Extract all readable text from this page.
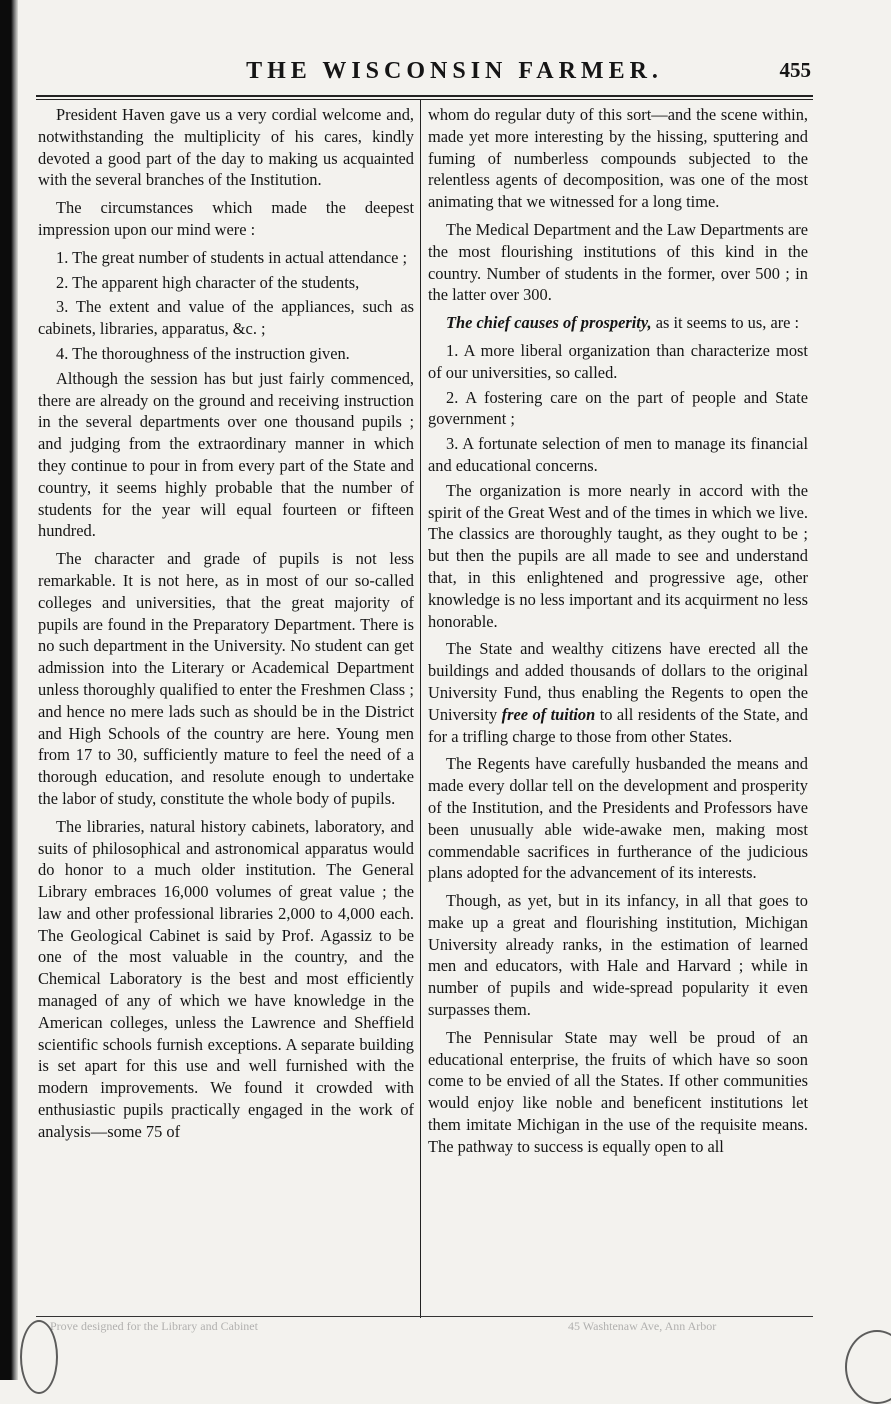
THE WISCONSIN FARMER.	455

President Haven gave us a very cordial welcome and, notwithstanding the multiplicity of his cares, kindly devoted a good part of the day to making us acquainted with the several branches of the Institution.

The circumstances which made the deepest impression upon our mind were :

1. The great number of students in actual attendance ;

2. The apparent high character of the students,

3. The extent and value of the appliances, such as cabinets, libraries, apparatus, &c. ;

4. The thoroughness of the instruction given.

Although the session has but just fairly commenced, there are already on the ground and receiving instruction in the several departments over one thousand pupils ; and judging from the extraordinary manner in which they continue to pour in from every part of the State and country, it seems highly probable that the number of students for the year will equal fourteen or fifteen hundred.

The character and grade of pupils is not less remarkable. It is not here, as in most of our so-called colleges and universities, that the great majority of pupils are found in the Preparatory Department. There is no such department in the University. No student can get admission into the Literary or Academical Department unless thoroughly qualified to enter the Freshmen Class ; and hence no mere lads such as should be in the District and High Schools of the country are here. Young men from 17 to 30, sufficiently mature to feel the need of a thorough education, and resolute enough to undertake the labor of study, constitute the whole body of pupils.

The libraries, natural history cabinets, laboratory, and suits of philosophical and astronomical apparatus would do honor to a much older institution. The General Library embraces 16,000 volumes of great value ; the law and other professional libraries 2,000 to 4,000 each. The Geological Cabinet is said by Prof. Agassiz to be one of the most valuable in the country, and the Chemical Laboratory is the best and most efficiently managed of any of which we have knowledge in the American colleges, unless the Lawrence and Sheffield scientific schools furnish exceptions. A separate building is set apart for this use and well furnished with the modern improvements. We found it crowded with enthusiastic pupils practically engaged in the work of analysis—some 75 of

whom do regular duty of this sort—and the scene within, made yet more interesting by the hissing, sputtering and fuming of numberless compounds subjected to the relentless agents of decomposition, was one of the most animating that we witnessed for a long time.

The Medical Department and the Law Departments are the most flourishing institutions of this kind in the country. Number of students in the former, over 500 ; in the latter over 300.

The chief causes of prosperity, as it seems to us, are :

1. A more liberal organization than characterize most of our universities, so called.

2. A fostering care on the part of people and State government ;

3. A fortunate selection of men to manage its financial and educational concerns.

The organization is more nearly in accord with the spirit of the Great West and of the times in which we live. The classics are thoroughly taught, as they ought to be ; but then the pupils are all made to see and understand that, in this enlightened and progressive age, other knowledge is no less important and its acquirment no less honorable.

The State and wealthy citizens have erected all the buildings and added thousands of dollars to the original University Fund, thus enabling the Regents to open the University free of tuition to all residents of the State, and for a trifling charge to those from other States.

The Regents have carefully husbanded the means and made every dollar tell on the development and prosperity of the Institution, and the Presidents and Professors have been unusually able wide-awake men, making most commendable sacrifices in furtherance of the judicious plans adopted for the advancement of its interests.

Though, as yet, but in its infancy, in all that goes to make up a great and flourishing institution, Michigan University already ranks, in the estimation of learned men and educators, with Hale and Harvard ; while in number of pupils and wide-spread popularity it even surpasses them.

The Pennisular State may well be proud of an educational enterprise, the fruits of which have so soon come to be envied of all the States. If other communities would enjoy like noble and beneficent institutions let them imitate Michigan in the use of the requisite means. The pathway to success is equally open to all

Prove designed for the Library and Cabinet	45 Washtenaw Ave, Ann Arbor
